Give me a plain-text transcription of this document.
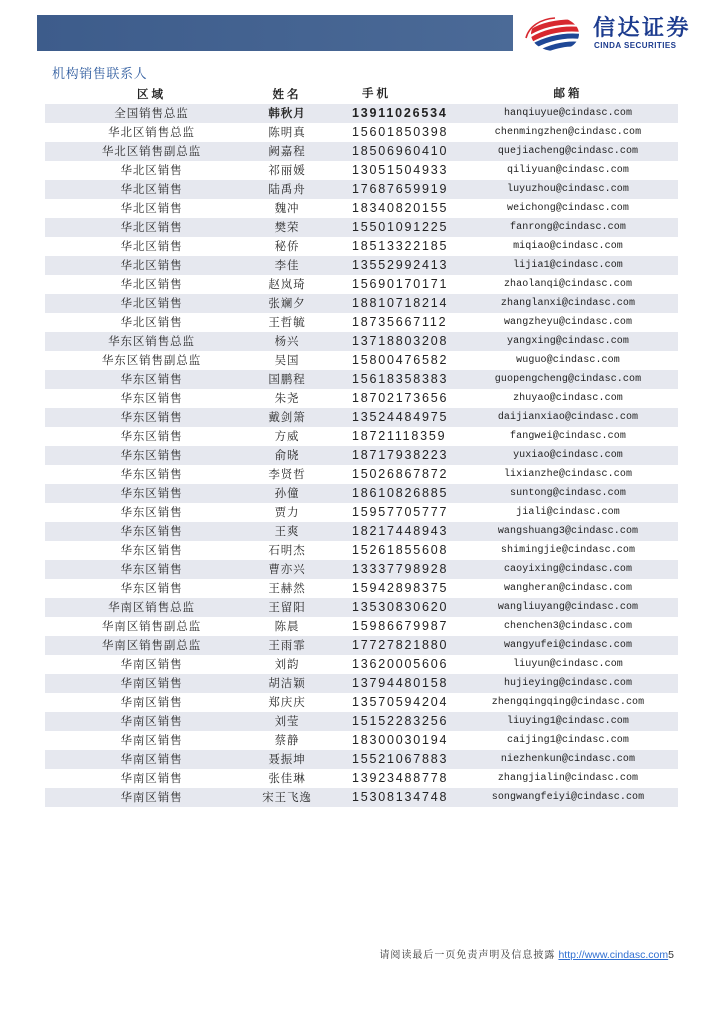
信达证券
CINDA SECURITIES
机构销售联系人
区域	姓名	手机	邮箱
全国销售总监	韩秋月	13911026534	hanqiuyue@cindasc.com
华北区销售总监	陈明真	15601850398	chenmingzhen@cindasc.com
华北区销售副总监	阙嘉程	18506960410	quejiacheng@cindasc.com
华北区销售	祁丽媛	13051504933	qiliyuan@cindasc.com
华北区销售	陆禹舟	17687659919	luyuzhou@cindasc.com
华北区销售	魏冲	18340820155	weichong@cindasc.com
华北区销售	樊荣	15501091225	fanrong@cindasc.com
华北区销售	秘侨	18513322185	miqiao@cindasc.com
华北区销售	李佳	13552992413	lijia1@cindasc.com
华北区销售	赵岚琦	15690170171	zhaolanqi@cindasc.com
华北区销售	张斓夕	18810718214	zhanglanxi@cindasc.com
华北区销售	王哲毓	18735667112	wangzheyu@cindasc.com
华东区销售总监	杨兴	13718803208	yangxing@cindasc.com
华东区销售副总监	吴国	15800476582	wuguo@cindasc.com
华东区销售	国鹏程	15618358383	guopengcheng@cindasc.com
华东区销售	朱尧	18702173656	zhuyao@cindasc.com
华东区销售	戴剑箫	13524484975	daijianxiao@cindasc.com
华东区销售	方威	18721118359	fangwei@cindasc.com
华东区销售	俞晓	18717938223	yuxiao@cindasc.com
华东区销售	李贤哲	15026867872	lixianzhe@cindasc.com
华东区销售	孙僮	18610826885	suntong@cindasc.com
华东区销售	贾力	15957705777	jiali@cindasc.com
华东区销售	王爽	18217448943	wangshuang3@cindasc.com
华东区销售	石明杰	15261855608	shimingjie@cindasc.com
华东区销售	曹亦兴	13337798928	caoyixing@cindasc.com
华东区销售	王赫然	15942898375	wangheran@cindasc.com
华南区销售总监	王留阳	13530830620	wangliuyang@cindasc.com
华南区销售副总监	陈晨	15986679987	chenchen3@cindasc.com
华南区销售副总监	王雨霏	17727821880	wangyufei@cindasc.com
华南区销售	刘韵	13620005606	liuyun@cindasc.com
华南区销售	胡洁颖	13794480158	hujieying@cindasc.com
华南区销售	郑庆庆	13570594204	zhengqingqing@cindasc.com
华南区销售	刘莹	15152283256	liuying1@cindasc.com
华南区销售	蔡静	18300030194	caijing1@cindasc.com
华南区销售	聂振坤	15521067883	niezhenkun@cindasc.com
华南区销售	张佳琳	13923488778	zhangjialin@cindasc.com
华南区销售	宋王飞逸	15308134748	songwangfeiyi@cindasc.com
请阅读最后一页免责声明及信息披露 http://www.cindasc.com5
